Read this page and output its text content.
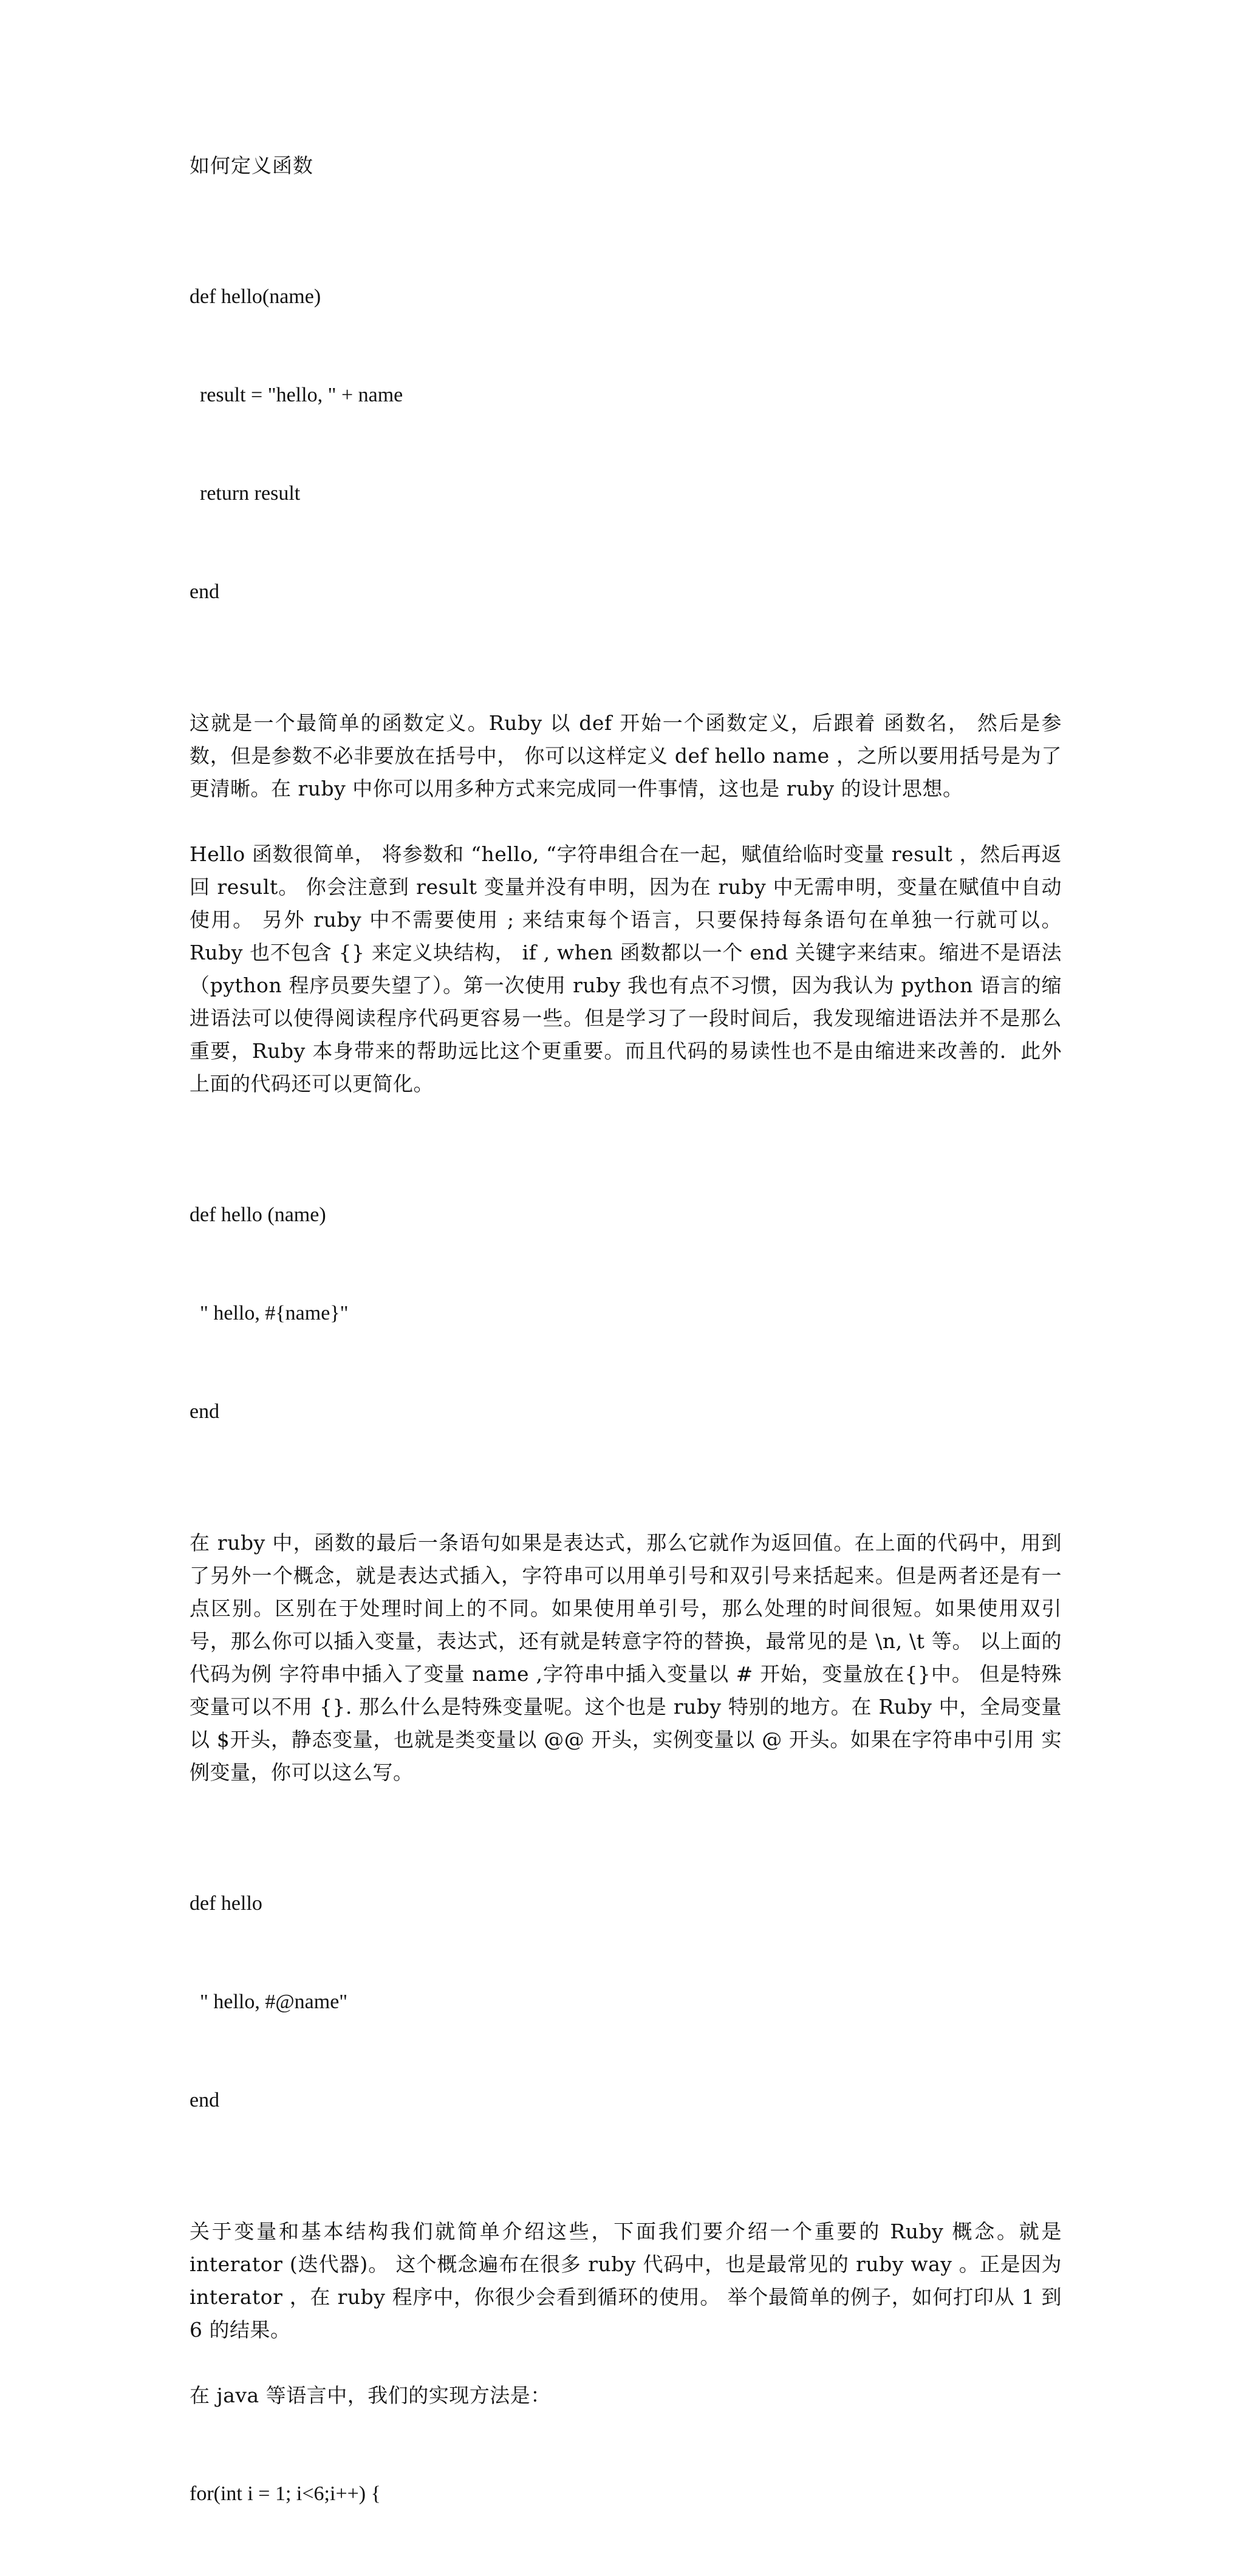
如何定义函数

def hello(name)

result = "hello, " + name

return result

end

这就是一个最简单的函数定义。Ruby 以 def 开始一个函数定义，后跟着 函数名， 然后是参数，但是参数不必非要放在括号中， 你可以这样定义 def hello name ，之所以要用括号是为了更清晰。在 ruby 中你可以用多种方式来完成同一件事情，这也是 ruby 的设计思想。

Hello 函数很简单， 将参数和 “hello, “字符串组合在一起，赋值给临时变量 result ，然后再返回 result。 你会注意到 result 变量并没有申明，因为在 ruby 中无需申明，变量在赋值中自动使用。 另外 ruby 中不需要使用 ; 来结束每个语言，只要保持每条语句在单独一行就可以。 Ruby 也不包含 {} 来定义块结构， if , when 函数都以一个 end 关键字来结束。缩进不是语法（python 程序员要失望了）。第一次使用 ruby 我也有点不习惯，因为我认为 python 语言的缩进语法可以使得阅读程序代码更容易一些。但是学习了一段时间后，我发现缩进语法并不是那么重要，Ruby 本身带来的帮助远比这个更重要。而且代码的易读性也不是由缩进来改善的．此外上面的代码还可以更简化。

def hello (name)

" hello, #{name}"

end

在 ruby 中，函数的最后一条语句如果是表达式，那么它就作为返回值。在上面的代码中，用到了另外一个概念，就是表达式插入，字符串可以用单引号和双引号来括起来。但是两者还是有一点区别。区别在于处理时间上的不同。如果使用单引号，那么处理的时间很短。如果使用双引号，那么你可以插入变量，表达式，还有就是转意字符的替换，最常见的是 \n, \t 等。 以上面的代码为例 字符串中插入了变量 name ,字符串中插入变量以 # 开始，变量放在{}中。 但是特殊变量可以不用 {}. 那么什么是特殊变量呢。这个也是 ruby 特别的地方。在 Ruby 中，全局变量以 $开头，静态变量，也就是类变量以 @@ 开头，实例变量以 @ 开头。如果在字符串中引用 实例变量，你可以这么写。

def hello

" hello, #@name"

end

关于变量和基本结构我们就简单介绍这些，下面我们要介绍一个重要的 Ruby 概念。就是 interator (迭代器)。 这个概念遍布在很多 ruby 代码中，也是最常见的 ruby way 。正是因为 interator ，在 ruby 程序中，你很少会看到循环的使用。 举个最简单的例子，如何打印从 1 到 6 的结果。

在 java 等语言中，我们的实现方法是：

for(int i = 1; i<6;i++) {
